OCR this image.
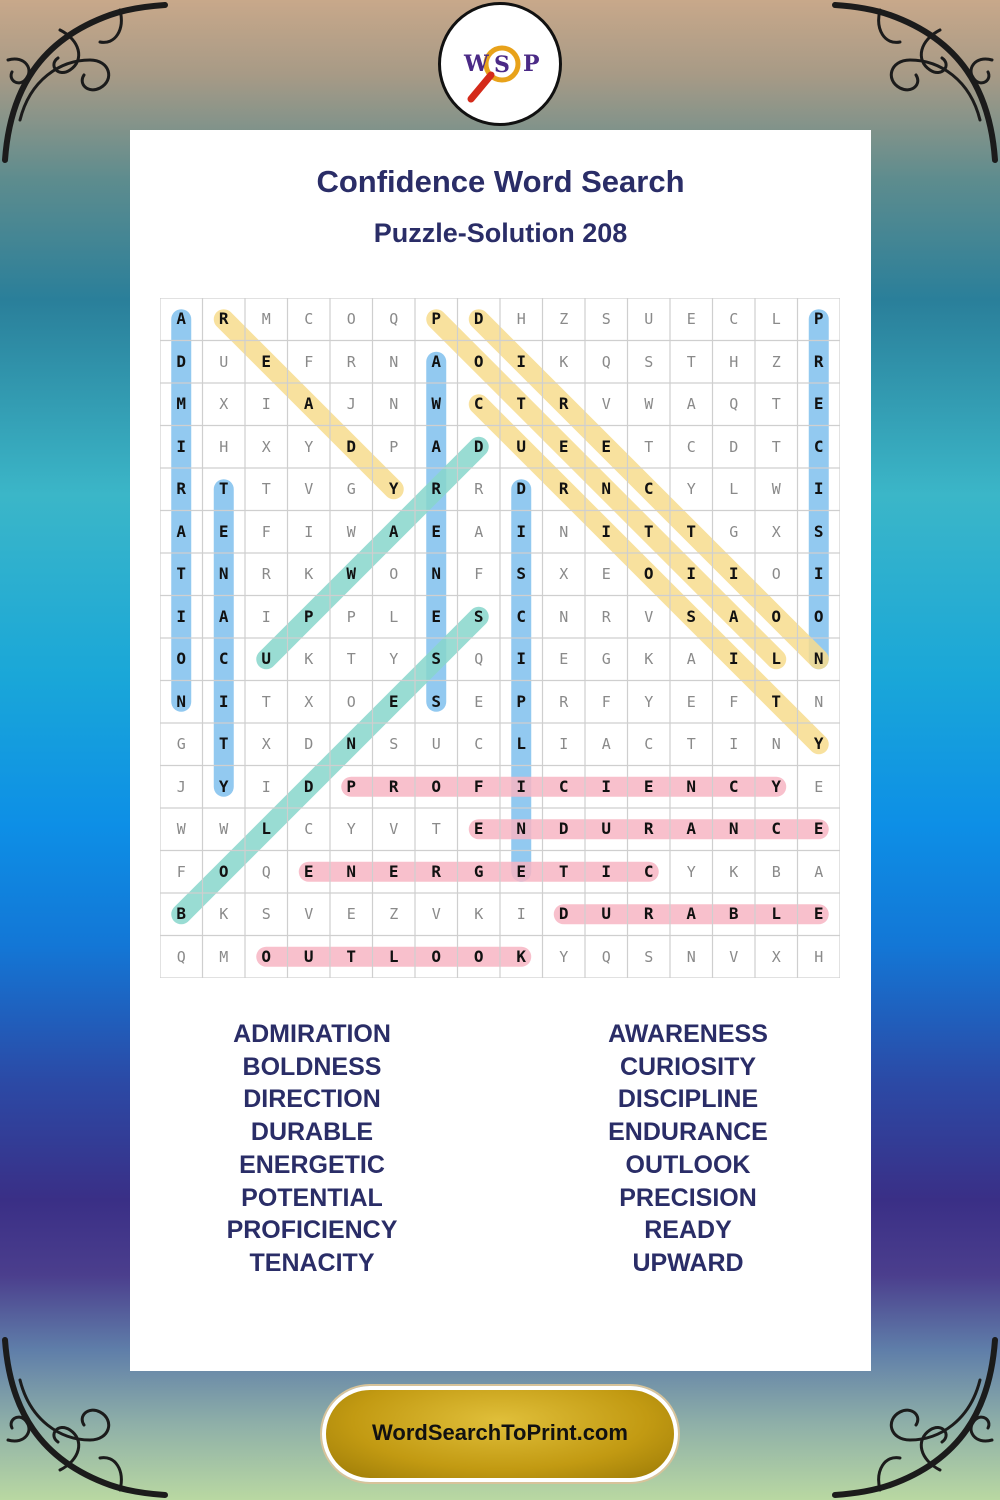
W S P
Confidence Word Search
Puzzle-Solution 208
A	R	M	C	O	Q	P	D	H	Z	S	U	E	C	L	P
D	U	E	F	R	N	A	O	I	K	Q	S	T	H	Z	R
M	X	I	A	J	N	W	C	T	R	V	W	A	Q	T	E
I	H	X	Y	D	P	A	D	U	E	E	T	C	D	T	C
R	T	T	V	G	Y	R	R	D	R	N	C	Y	L	W	I
A	E	F	I	W	A	E	A	I	N	I	T	T	G	X	S
T	N	R	K	W	O	N	F	S	X	E	O	I	I	O	I
I	A	I	P	P	L	E	S	C	N	R	V	S	A	O	O
O	C	U	K	T	Y	S	Q	I	E	G	K	A	I	L	N
N	I	T	X	O	E	S	E	P	R	F	Y	E	F	T	N
G	T	X	D	N	S	U	C	L	I	A	C	T	I	N	Y
J	Y	I	D	P	R	O	F	I	C	I	E	N	C	Y	E
W	W	L	C	Y	V	T	E	N	D	U	R	A	N	C	E
F	O	Q	E	N	E	R	G	E	T	I	C	Y	K	B	A
B	K	S	V	E	Z	V	K	I	D	U	R	A	B	L	E
Q	M	O	U	T	L	O	O	K	Y	Q	S	N	V	X	H
ADMIRATION
BOLDNESS
DIRECTION
DURABLE
ENERGETIC
POTENTIAL
PROFICIENCY
TENACITY
AWARENESS
CURIOSITY
DISCIPLINE
ENDURANCE
OUTLOOK
PRECISION
READY
UPWARD
WordSearchToPrint.com
